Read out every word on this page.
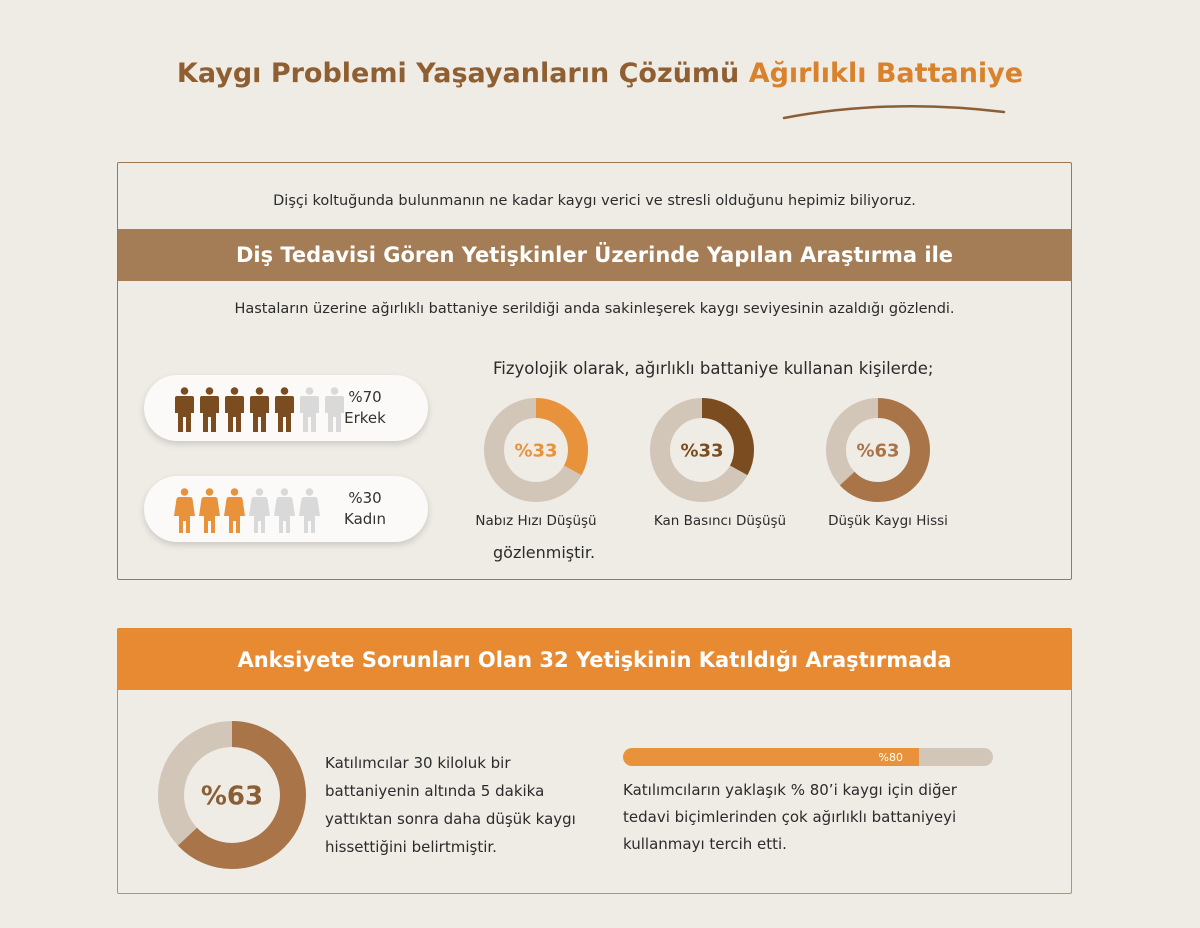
Kaygı Problemi Yaşayanların Çözümü Ağırlıklı Battaniye
Dişçi koltuğunda bulunmanın ne kadar kaygı verici ve stresli olduğunu hepimiz biliyoruz.
Diş Tedavisi Gören Yetişkinler Üzerinde Yapılan Araştırma ile
Hastaların üzerine ağırlıklı battaniye serildiği anda sakinleşerek kaygı seviyesinin azaldığı gözlendi.
%70
Erkek
%30
Kadın
Fizyolojik olarak, ağırlıklı battaniye kullanan kişilerde;
%33	%33	%63
Nabız Hızı Düşüşü	Kan Basıncı Düşüşü	Düşük Kaygı Hissi
gözlenmiştir.
Anksiyete Sorunları Olan 32 Yetişkinin Katıldığı Araştırmada
%63
Katılımcılar 30 kiloluk bir battaniyenin altında 5 dakika yattıktan sonra daha düşük kaygı hissettiğini belirtmiştir.
%80
Katılımcıların yaklaşık % 80’i kaygı için diğer tedavi biçimlerinden çok ağırlıklı battaniyeyi kullanmayı tercih etti.
